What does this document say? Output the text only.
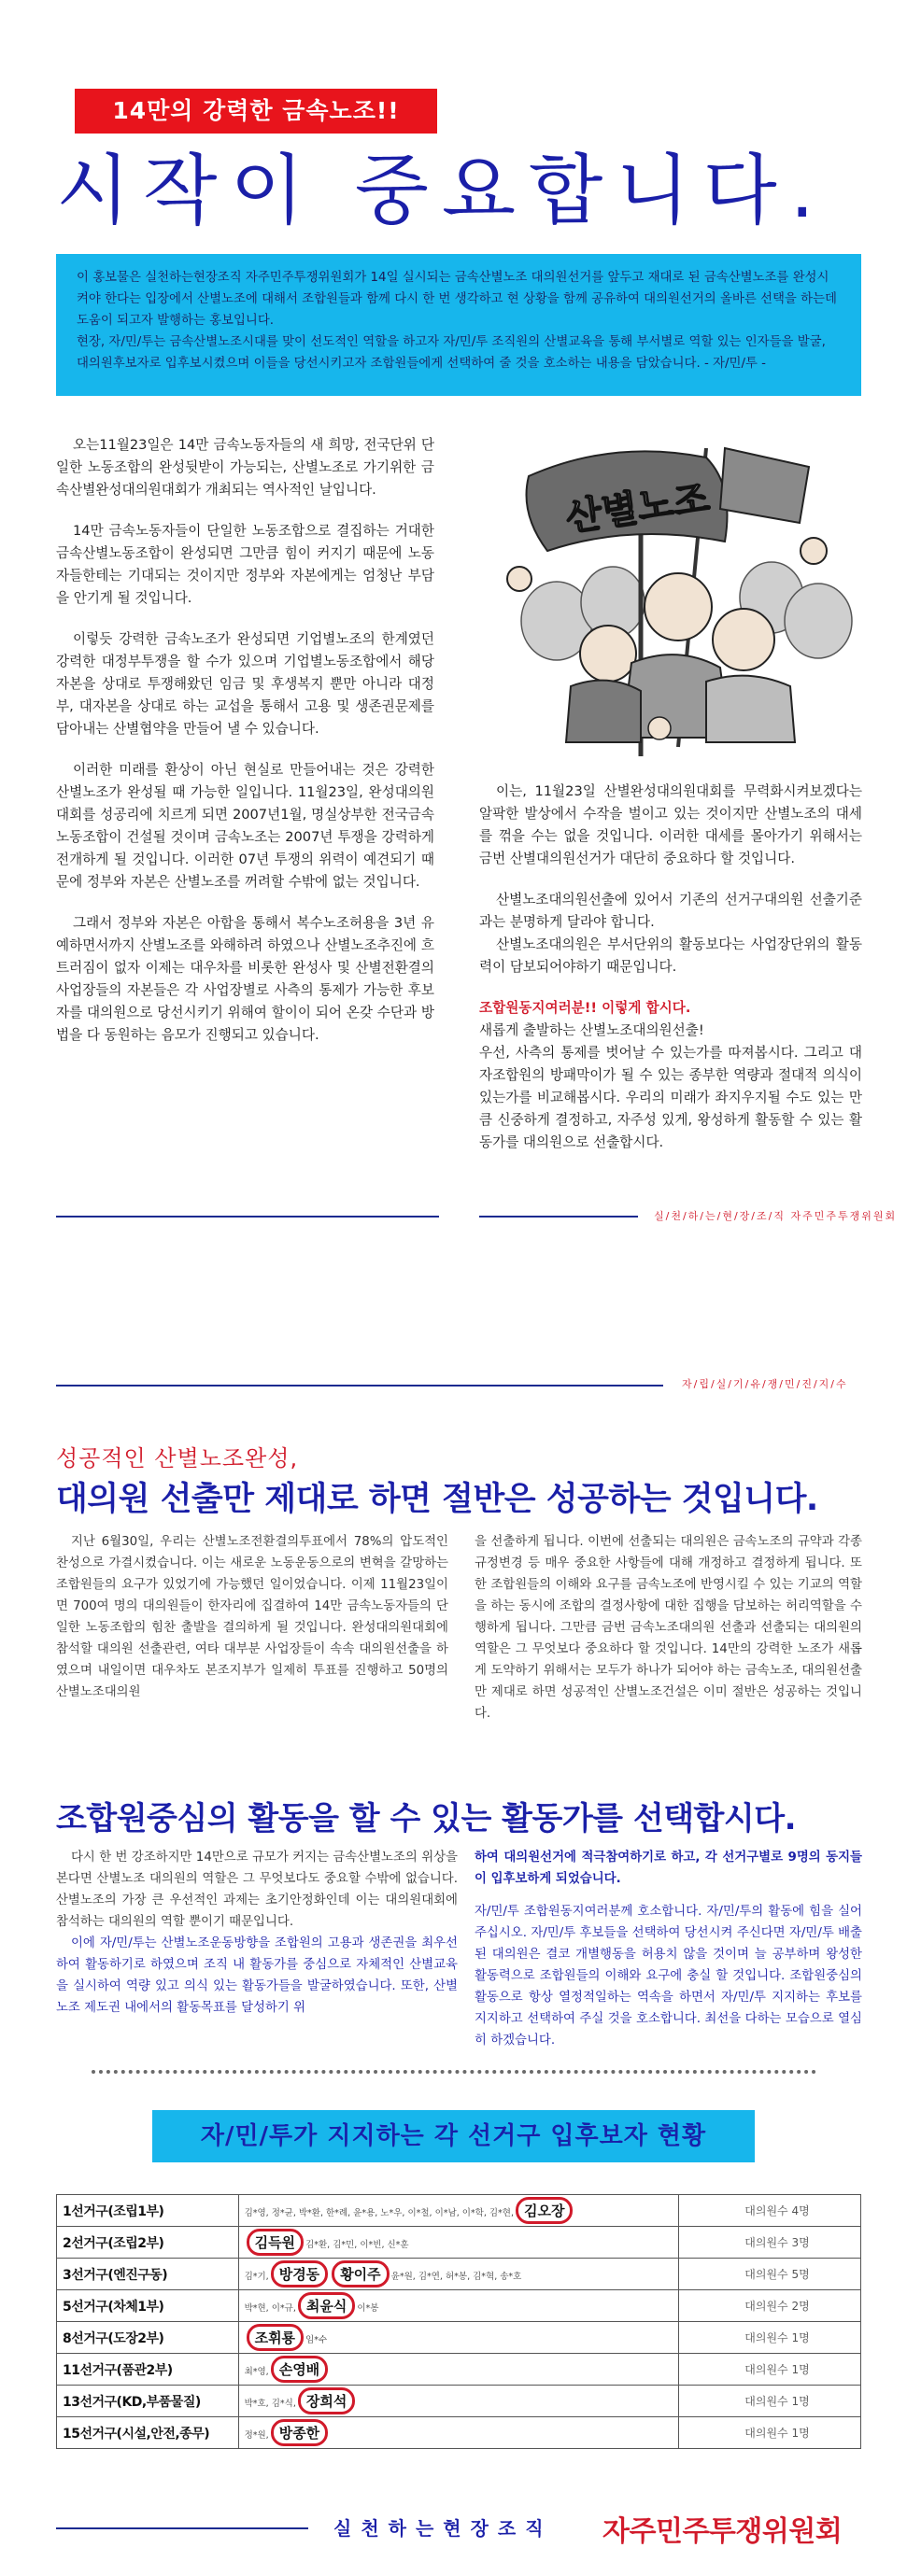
14만의 강력한 금속노조!!
시작이 중요합니다.

이 홍보물은 실천하는현장조직 자주민주투쟁위원회가 14일 실시되는 금속산별노조 대의원선거를 앞두고 재대로 된 금속산별노조를 완성시켜야 한다는 입장에서 산별노조에 대해서 조합원들과 함께 다시 한 번 생각하고 현 상황을 함께 공유하여 대의원선거의 올바른 선택을 하는데 도움이 되고자 발행하는 홍보입니다.

현장, 자/민/투는 금속산별노조시대를 맞이 선도적인 역할을 하고자 자/민/투 조직원의 산별교육을 통해 부서별로 역할 있는 인자들을 발굴, 대의원후보자로 입후보시켰으며 이들을 당선시키고자 조합원들에게 선택하여 줄 것을 호소하는 내용을 담았습니다. - 자/민/투 -

오는11월23일은 14만 금속노동자들의 새 희망, 전국단위 단일한 노동조합의 완성뒷받이 가능되는, 산별노조로 가기위한 금속산별완성대의원대회가 개최되는 역사적인 날입니다.

14만 금속노동자들이 단일한 노동조합으로 결집하는 거대한 금속산별노동조합이 완성되면 그만큼 힘이 커지기 때문에 노동자들한테는 기대되는 것이지만 정부와 자본에게는 엄청난 부담을 안기게 될 것입니다.

이렇듯 강력한 금속노조가 완성되면 기업별노조의 한계였던 강력한 대정부투쟁을 할 수가 있으며 기업별노동조합에서 해당 자본을 상대로 투쟁해왔던 임금 및 후생복지 뿐만 아니라 대정부, 대자본을 상대로 하는 교섭을 통해서 고용 및 생존권문제를 담아내는 산별협약을 만들어 낼 수 있습니다.

이러한 미래를 환상이 아닌 현실로 만들어내는 것은 강력한 산별노조가 완성될 때 가능한 일입니다. 11월23일, 완성대의원대회를 성공리에 치르게 되면 2007년1월, 명실상부한 전국금속노동조합이 건설될 것이며 금속노조는 2007년 투쟁을 강력하게 전개하게 될 것입니다. 이러한 07년 투쟁의 위력이 예견되기 때문에 정부와 자본은 산별노조를 꺼려할 수밖에 없는 것입니다.

그래서 정부와 자본은 아합을 통해서 복수노조허용을 3년 유예하면서까지 산별노조를 와해하려 하였으나 산별노조추진에 흐트러짐이 없자 이제는 대우차를 비롯한 완성사 및 산별전환결의 사업장들의 자본들은 각 사업장별로 사측의 통제가 가능한 후보자를 대의원으로 당선시키기 위해여 할이이 되어 온갖 수단과 방법을 다 동원하는 음모가 진행되고 있습니다.

산별노조

이는, 11월23일 산별완성대의원대회를 무력화시켜보겠다는 알팍한 발상에서 수작을 벌이고 있는 것이지만 산별노조의 대세를 꺾을 수는 없을 것입니다. 이러한 대세를 몰아가기 위해서는 금번 산별대의원선거가 대단히 중요하다 할 것입니다.

산별노조대의원선출에 있어서 기존의 선거구대의원 선출기준과는 분명하게 달라야 합니다.

산별노조대의원은 부서단위의 활동보다는 사업장단위의 활동력이 담보되어야하기 때문입니다.

조합원동지여러분!! 이렇게 합시다.

새롭게 출발하는 산별노조대의원선출!

우선, 사측의 통제를 벗어날 수 있는가를 따져봅시다. 그리고 대자조합원의 방패막이가 될 수 있는 종부한 역량과 절대적 의식이 있는가를 비교해봅시다. 우리의 미래가 좌지우지될 수도 있는 만큼 신중하게 결정하고, 자주성 있게, 왕성하게 활동할 수 있는 활동가를 대의원으로 선출합시다.

실/천/하/는/현/장/조/직 자주민주투쟁위원회
자/립/실/기/유/쟁/민/진/지/수
성공적인 산별노조완성,
대의원 선출만 제대로 하면 절반은 성공하는 것입니다.

지난 6월30일, 우리는 산별노조전환결의투표에서 78%의 압도적인 찬성으로 가결시켰습니다. 이는 새로운 노동운동으로의 변혁을 갈망하는 조합원들의 요구가 있었기에 가능했던 일이었습니다. 이제 11월23일이면 700여 명의 대의원들이 한자리에 집결하여 14만 금속노동자들의 단일한 노동조합의 힘찬 출발을 결의하게 될 것입니다. 완성대의원대회에 참석할 대의원 선출관련, 여타 대부분 사업장들이 속속 대의원선출을 하였으며 내일이면 대우차도 본조지부가 일제히 투표를 진행하고 50명의 산별노조대의원

을 선출하게 됩니다. 이번에 선출되는 대의원은 금속노조의 규약과 각종 규정변경 등 매우 중요한 사항들에 대해 개정하고 결정하게 됩니다. 또한 조합원들의 이해와 요구를 금속노조에 반영시킬 수 있는 기교의 역할을 하는 동시에 조합의 결정사항에 대한 집행을 담보하는 허리역할을 수행하게 됩니다. 그만큼 금번 금속노조대의원 선출과 선출되는 대의원의 역할은 그 무엇보다 중요하다 할 것입니다. 14만의 강력한 노조가 새롭게 도약하기 위해서는 모두가 하나가 되어야 하는 금속노조, 대의원선출만 제대로 하면 성공적인 산별노조건설은 이미 절반은 성공하는 것입니다.

조합원중심의 활동을 할 수 있는 활동가를 선택합시다.

다시 한 번 강조하지만 14만으로 규모가 커지는 금속산별노조의 위상을 본다면 산별노조 대의원의 역할은 그 무엇보다도 중요할 수밖에 없습니다. 산별노조의 가장 큰 우선적인 과제는 초기안정화인데 이는 대의원대회에 참석하는 대의원의 역할 뿐이기 때문입니다.

이에 자/민/투는 산별노조운동방향을 조합원의 고용과 생존권을 최우선하여 활동하기로 하였으며 조직 내 활동가를 중심으로 자체적인 산별교육을 실시하여 역량 있고 의식 있는 활동가들을 발굴하였습니다. 또한, 산별노조 제도권 내에서의 활동목표를 달성하기 위

하여 대의원선거에 적극참여하기로 하고, 각 선거구별로 9명의 동지들이 입후보하게 되었습니다.

자/민/투 조합원동지여러분께 호소합니다. 자/민/투의 활동에 힘을 실어 주십시오. 자/민/투 후보들을 선택하여 당선시켜 주신다면 자/민/투 배출된 대의원은 결코 개별행동을 허용치 않을 것이며 늘 공부하며 왕성한 활동력으로 조합원들의 이해와 요구에 충실 할 것입니다. 조합원중심의 활동으로 항상 열정적일하는 역속을 하면서 자/민/투 지지하는 후보를 지지하고 선택하여 주실 것을 호소합니다. 최선을 다하는 모습으로 열심히 하겠습니다.

자/민/투가 지지하는 각 선거구 입후보자 현황
1선거구(조립1부)	김*영, 정*균, 박*환, 한*례, 윤*용, 노*우, 이*철, 이*남, 이*학, 김*현, 김오장	대의원수 4명
2선거구(조립2부)	김득원 김*환, 김*민, 이*빈, 신*훈	대의원수 3명
3선거구(엔진구동)	김*기, 방경동 황이주 윤*원, 김*연, 허*봉, 김*혁, 송*호	대의원수 5명
5선거구(차체1부)	박*현, 이*규, 최윤식 이*봉	대의원수 2명
8선거구(도장2부)	조휘룡 임*수	대의원수 1명
11선거구(품관2부)	최*영, 손영배	대의원수 1명
13선거구(KD,부품물질)	박*호, 김*식, 장희석	대의원수 1명
15선거구(시설,안전,종무)	정*원, 방종한	대의원수 1명
실천하는현장조직 자주민주투쟁위원회
